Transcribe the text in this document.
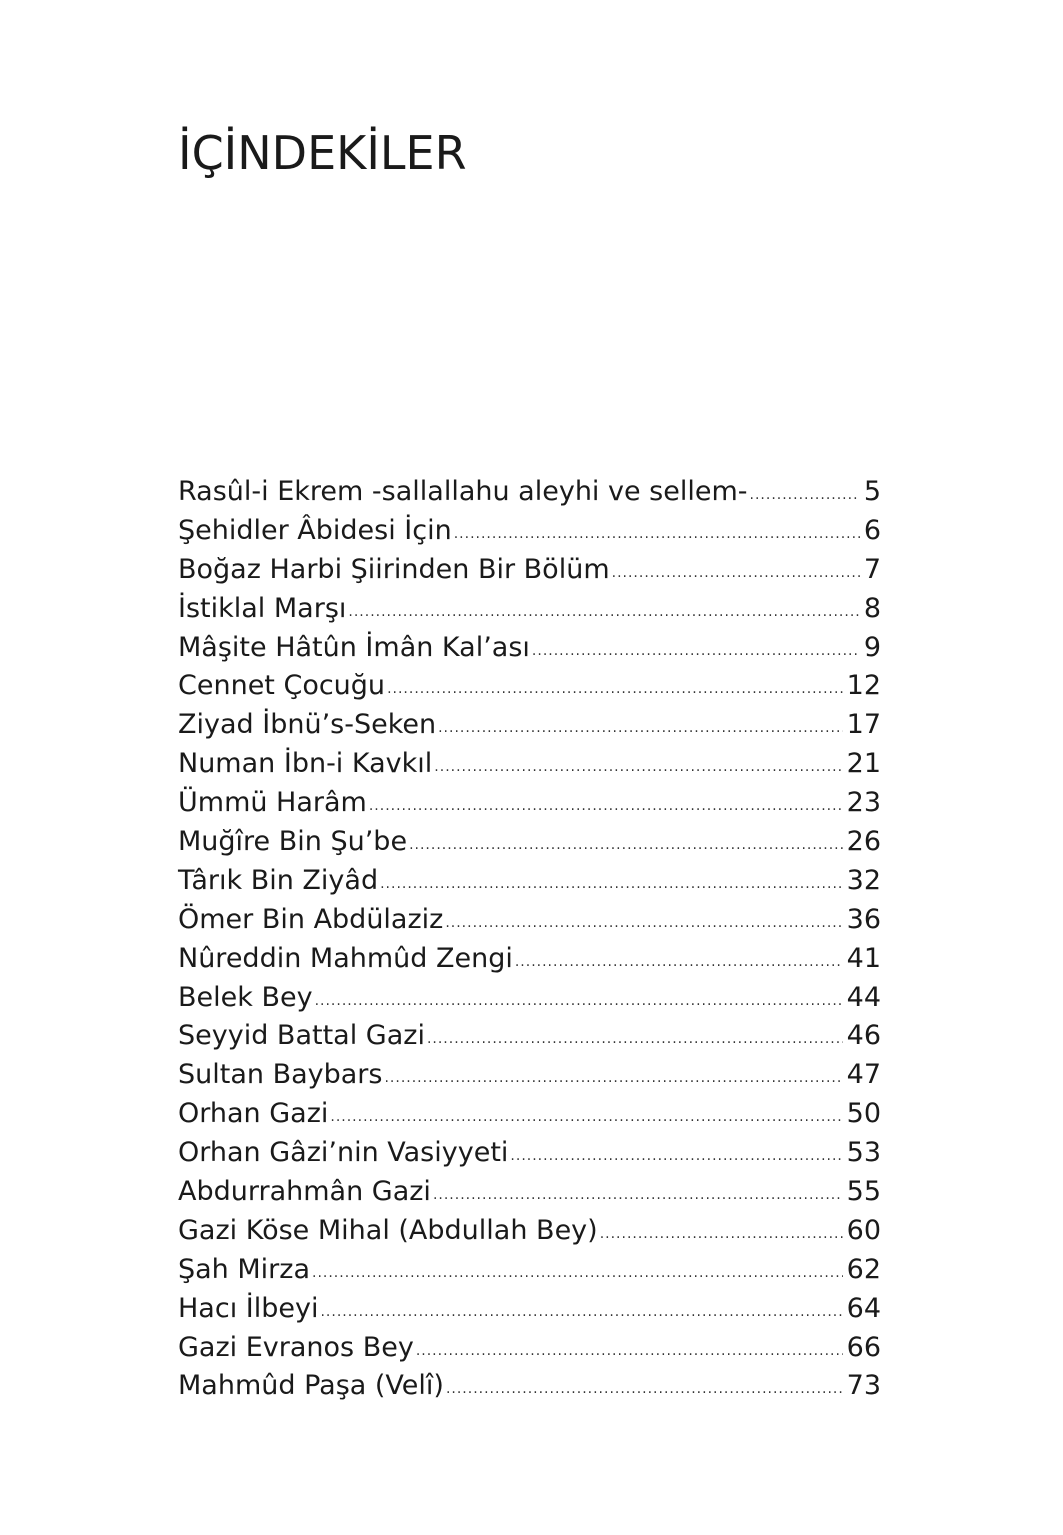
İÇİNDEKİLER
Rasûl-i Ekrem -sallallahu aleyhi ve sellem- .....	5
Şehidler Âbidesi İçin .....	6
Boğaz Harbi Şiirinden Bir Bölüm .....	7
İstiklal Marşı .....	8
Mâşite Hâtûn İmân Kal’ası .....	9
Cennet Çocuğu .....	12
Ziyad İbnü’s-Seken .....	17
Numan İbn-i Kavkıl .....	21
Ümmü Harâm .....	23
Muğîre Bin Şu’be .....	26
Târık Bin Ziyâd .....	32
Ömer Bin Abdülaziz .....	36
Nûreddin Mahmûd Zengi .....	41
Belek Bey .....	44
Seyyid Battal Gazi .....	46
Sultan Baybars .....	47
Orhan Gazi .....	50
Orhan Gâzi’nin Vasiyyeti .....	53
Abdurrahmân Gazi .....	55
Gazi Köse Mihal (Abdullah Bey) .....	60
Şah Mirza .....	62
Hacı İlbeyi .....	64
Gazi Evranos Bey .....	66
Mahmûd Paşa (Velî) .....	73
